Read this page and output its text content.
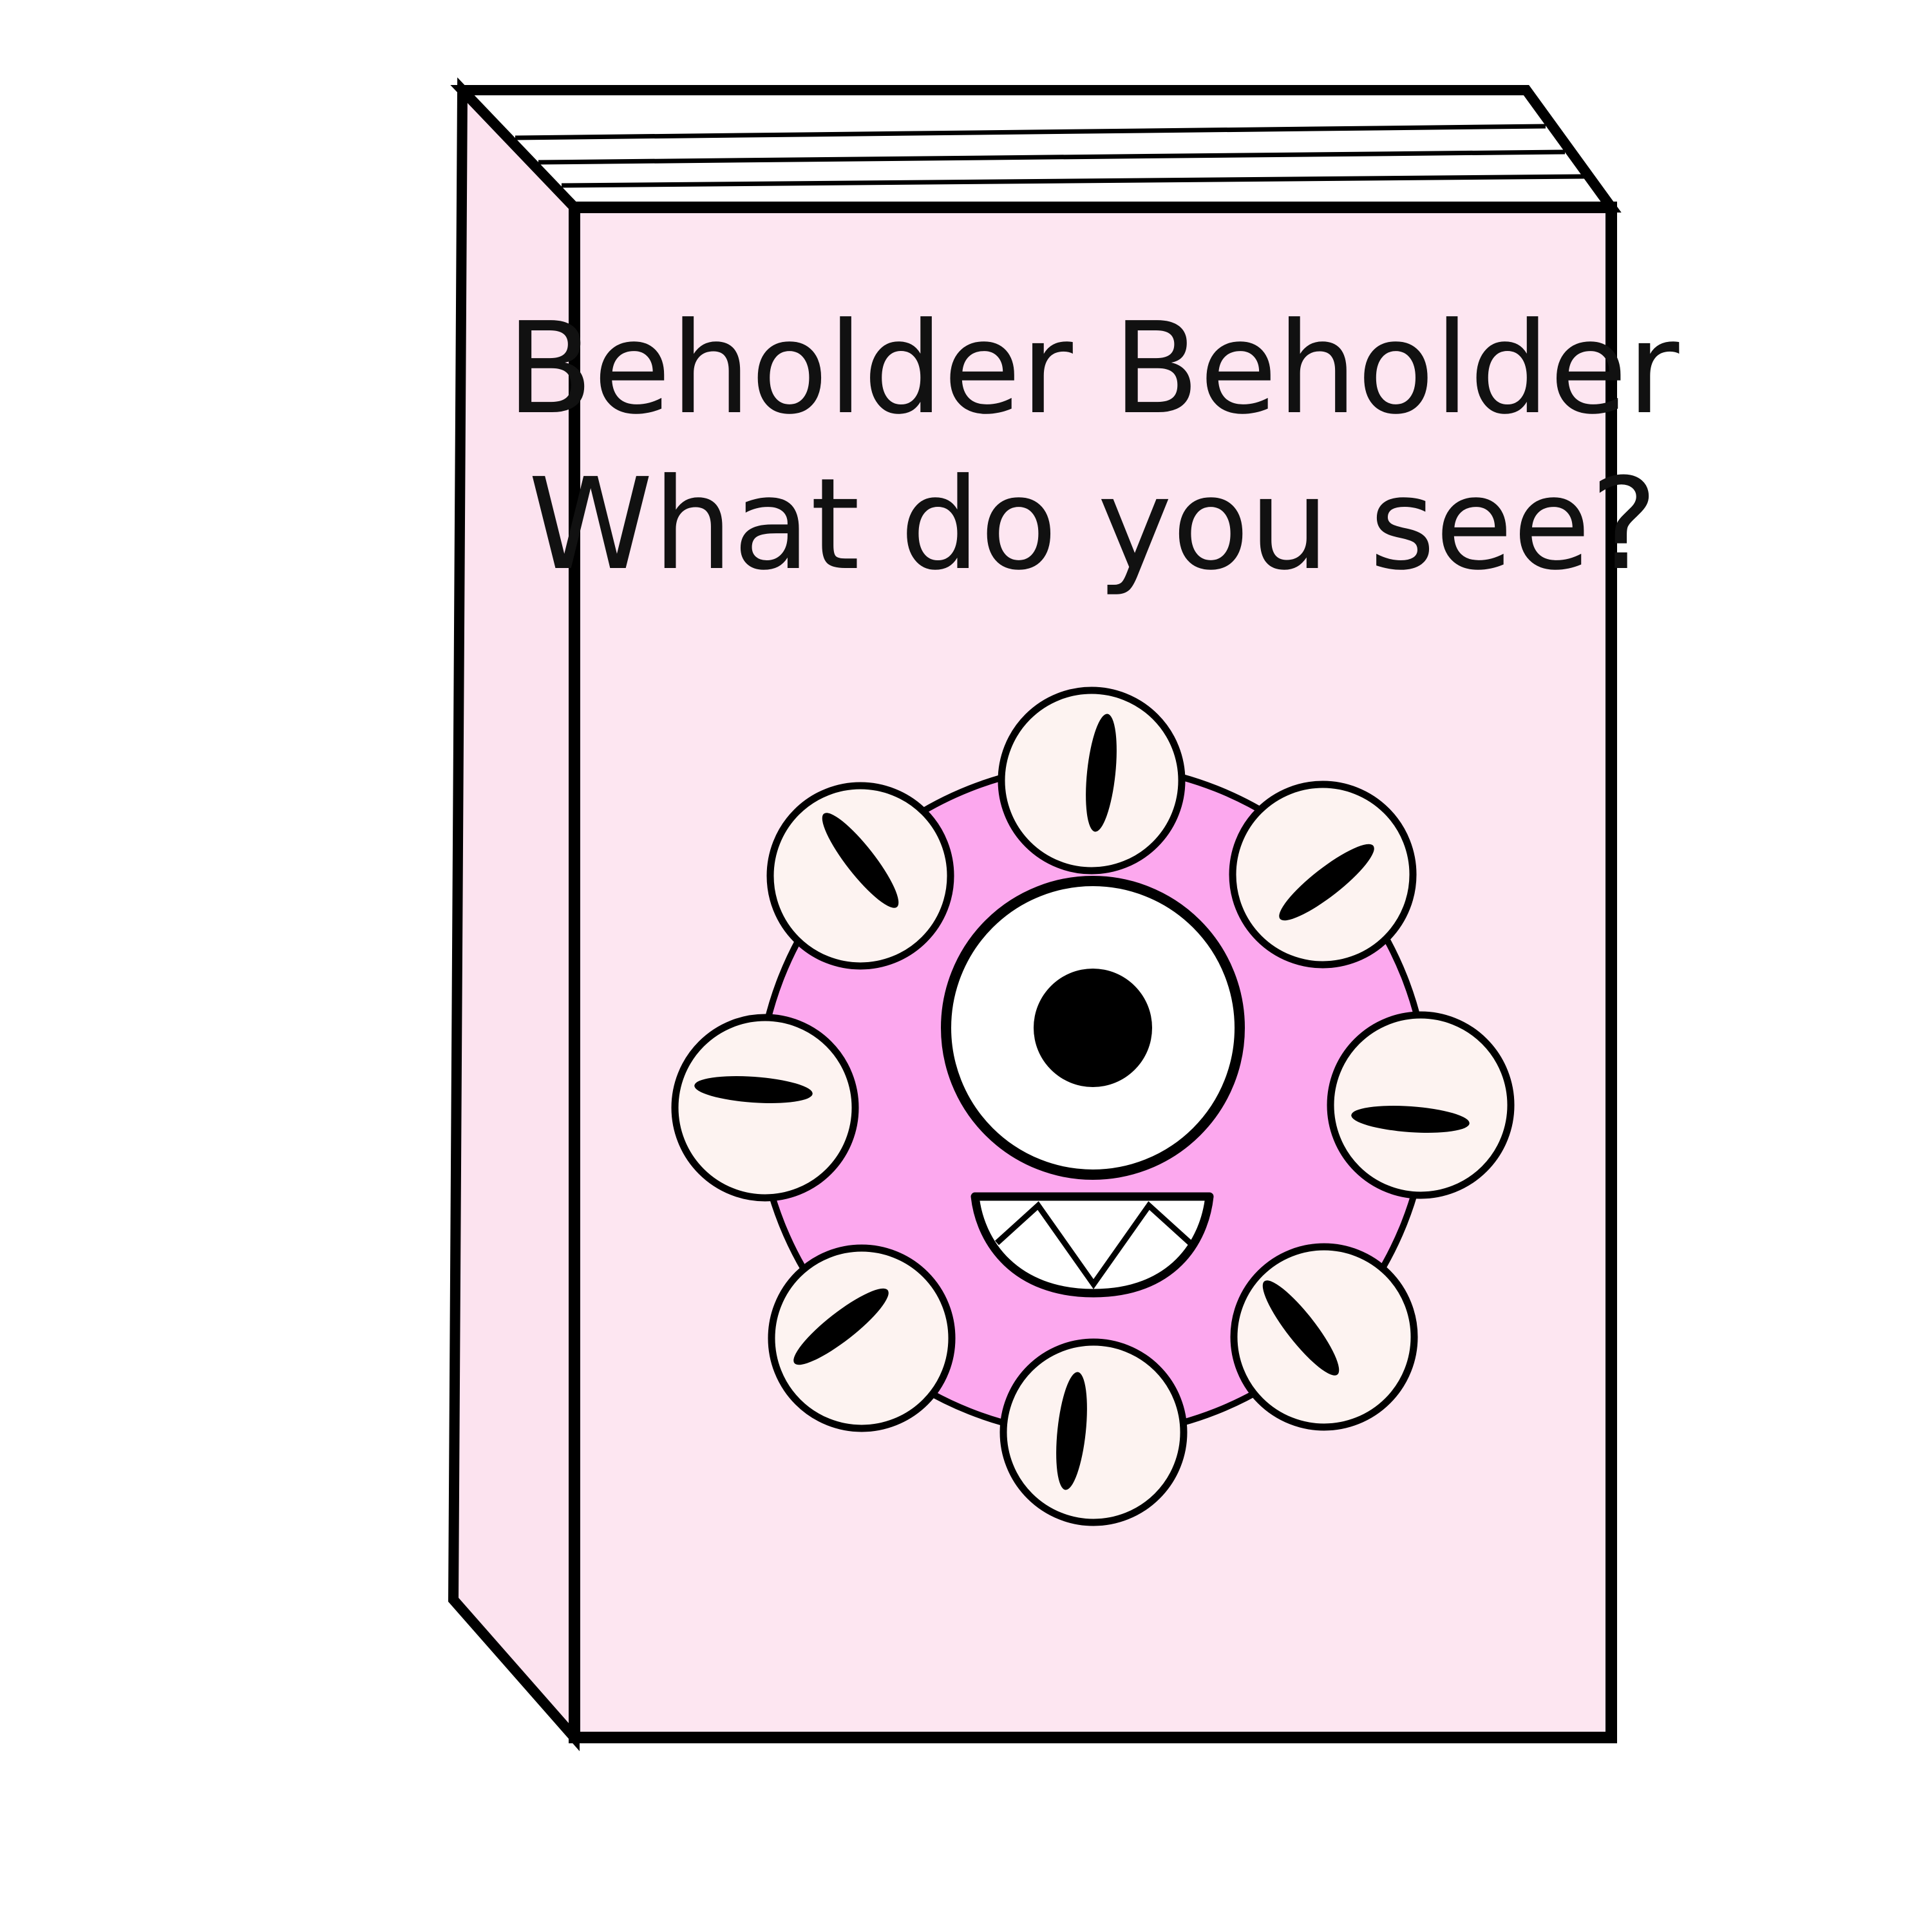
Beholder Beholder
What do you see?
